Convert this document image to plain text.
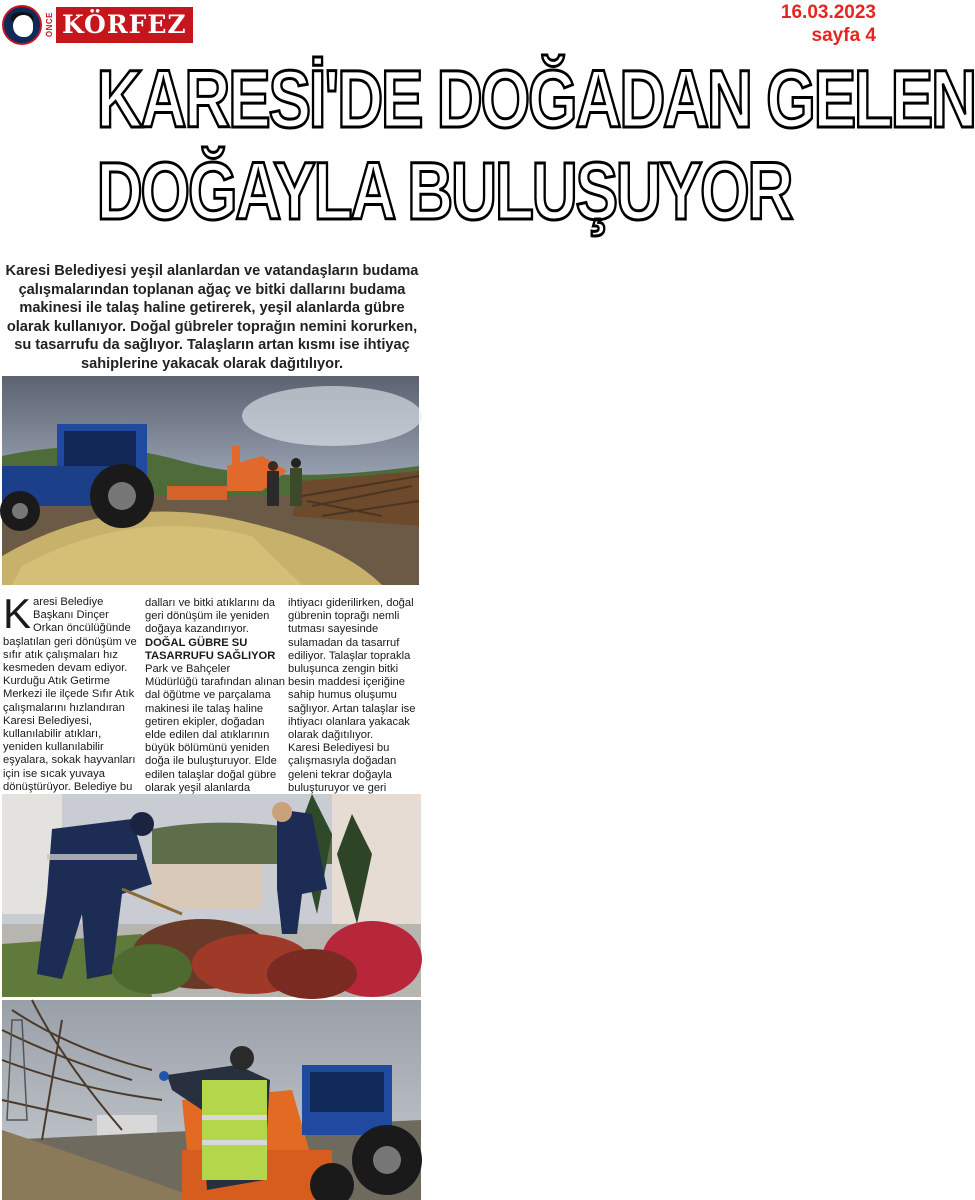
ÖNCE KÖRFEZ	16.03.2023
sayfa 4
KARESİ'DE DOĞADAN GELEN
DOĞAYLA BULUŞUYOR

Karesi Belediyesi yeşil alanlardan ve vatandaşların budama çalışmalarından toplanan ağaç ve bitki dallarını budama makinesi ile talaş haline getirerek, yeşil alanlarda gübre olarak kullanıyor. Doğal gübreler toprağın nemini korurken, su tasarrufu da sağlıyor. Talaşların artan kısmı ise ihtiyaç sahiplerine yakacak olarak dağıtılıyor.

K aresi Belediye Başkanı Dinçer Orkan öncülüğünde başlatılan geri dönüşüm ve sıfır atık çalışmaları hız kesmeden devam ediyor. Kurduğu Atık Getirme Merkezi ile ilçede Sıfır Atık çalışmalarını hızlandıran Karesi Belediyesi, kullanılabilir atıkları, yeniden kullanılabilir eşyalara, sokak hayvanları için ise sıcak yuvaya dönüştürüyor. Belediye bu

dalları ve bitki atıklarını da geri dönüşüm ile yeniden doğaya kazandırıyor.

DOĞAL GÜBRE SU TASARRUFU SAĞLIYOR

Park ve Bahçeler Müdürlüğü tarafından alınan dal öğütme ve parçalama makinesi ile talaş haline getiren ekipler, doğadan elde edilen dal atıklarının büyük bölümünü yeniden doğa ile buluşturuyor. Elde edilen talaşlar doğal gübre olarak yeşil alanlarda

ihtiyacı giderilirken, doğal gübrenin toprağı nemli tutması sayesinde sulamadan da tasarruf ediliyor. Talaşlar toprakla buluşunca zengin bitki besin maddesi içeriğine sahip humus oluşumu sağlıyor. Artan talaşlar ise ihtiyacı olanlara yakacak olarak dağıtılıyor.

Karesi Belediyesi bu çalışmasıyla doğadan geleni tekrar doğayla buluşturuyor ve geri
